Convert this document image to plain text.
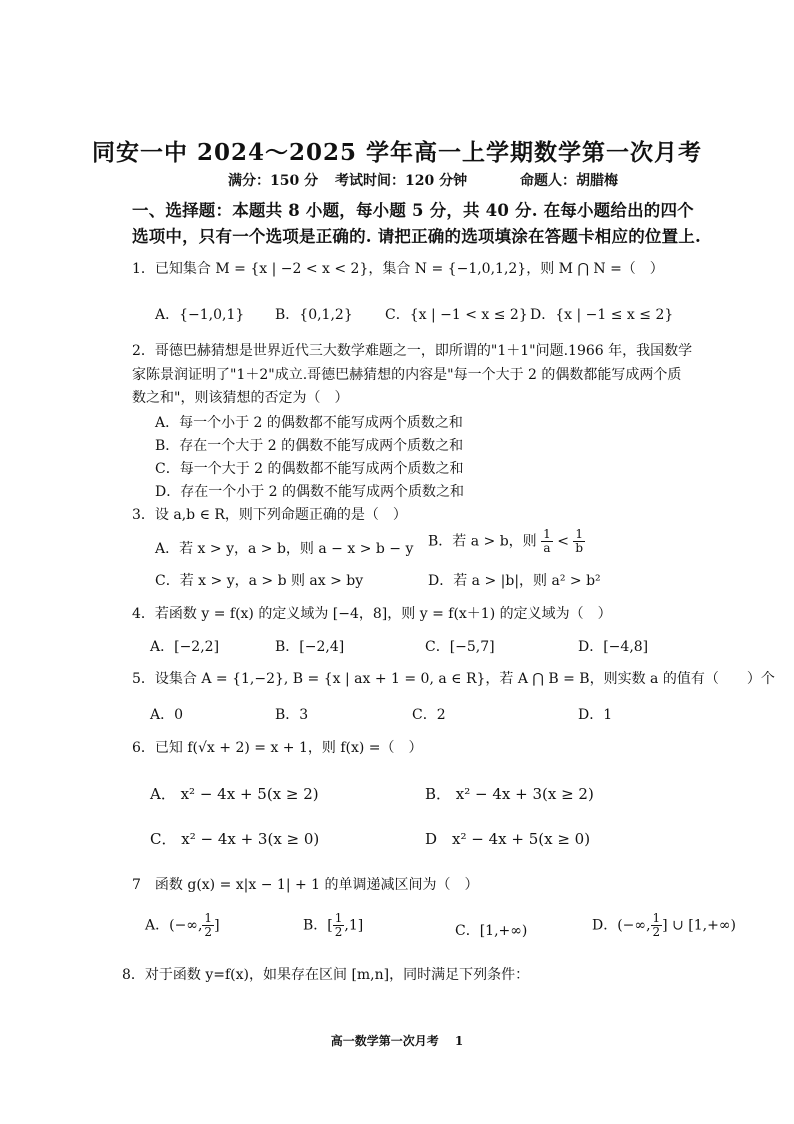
同安一中 2024～2025 学年高一上学期数学第一次月考
满分：150 分 考试时间：120 分钟	命题人：胡腊梅
一、选择题：本题共 8 小题，每小题 5 分，共 40 分. 在每小题给出的四个
选项中，只有一个选项是正确的. 请把正确的选项填涂在答题卡相应的位置上.
1．已知集合 M = {x | −2 < x < 2}，集合 N = {−1,0,1,2}，则 M ⋂ N =（　）
A．{−1,0,1} B．{0,1,2} C．{x | −1 < x ≤ 2} D．{x | −1 ≤ x ≤ 2}
2．哥德巴赫猜想是世界近代三大数学难题之一，即所谓的"1＋1"问题.1966 年，我国数学
家陈景润证明了"1＋2"成立.哥德巴赫猜想的内容是"每一个大于 2 的偶数都能写成两个质
数之和"，则该猜想的否定为（　）
A．每一个小于 2 的偶数都不能写成两个质数之和
B．存在一个大于 2 的偶数不能写成两个质数之和
C．每一个大于 2 的偶数都不能写成两个质数之和
D．存在一个小于 2 的偶数不能写成两个质数之和
3．设 a,b ∈ R，则下列命题正确的是（　）
A．若 x > y，a > b，则 a − x > b − y B．若 a > b，则 $\frac{1}{a} < \frac{1}{b}$
C．若 x > y，a > b 则 ax > by	D．若 a > |b|，则 a² > b²
4．若函数 y = f(x) 的定义域为 [−4，8]，则 y = f(x＋1) 的定义域为（　）
A．[−2,2]	B．[−2,4]	C．[−5,7]	D．[−4,8]
5．设集合 A = {1,−2}, B = {x | ax + 1 = 0, a ∈ R}，若 A ⋂ B = B，则实数 a 的值有（　　）个
A．0	B．3	C．2	D．1
6．已知 f(√x + 2) = x + 1，则 f(x) =（　）
A． x² − 4x + 5(x ≥ 2)	B． x² − 4x + 3(x ≥ 2)
C． x² − 4x + 3(x ≥ 0)	D　x² − 4x + 5(x ≥ 0)
7　函数 g(x) = x|x − 1| + 1 的单调递减区间为（　）
A．(−∞, $\frac{1}{2}$ ]	B．[ $\frac{1}{2} ,1$]	C．[1,+∞)	D．(−∞, $\frac{1}{2}$ ] ∪ [1,+∞)
8．对于函数 y=f(x)，如果存在区间 [m,n]，同时满足下列条件：
高一数学第一次月考　 1
